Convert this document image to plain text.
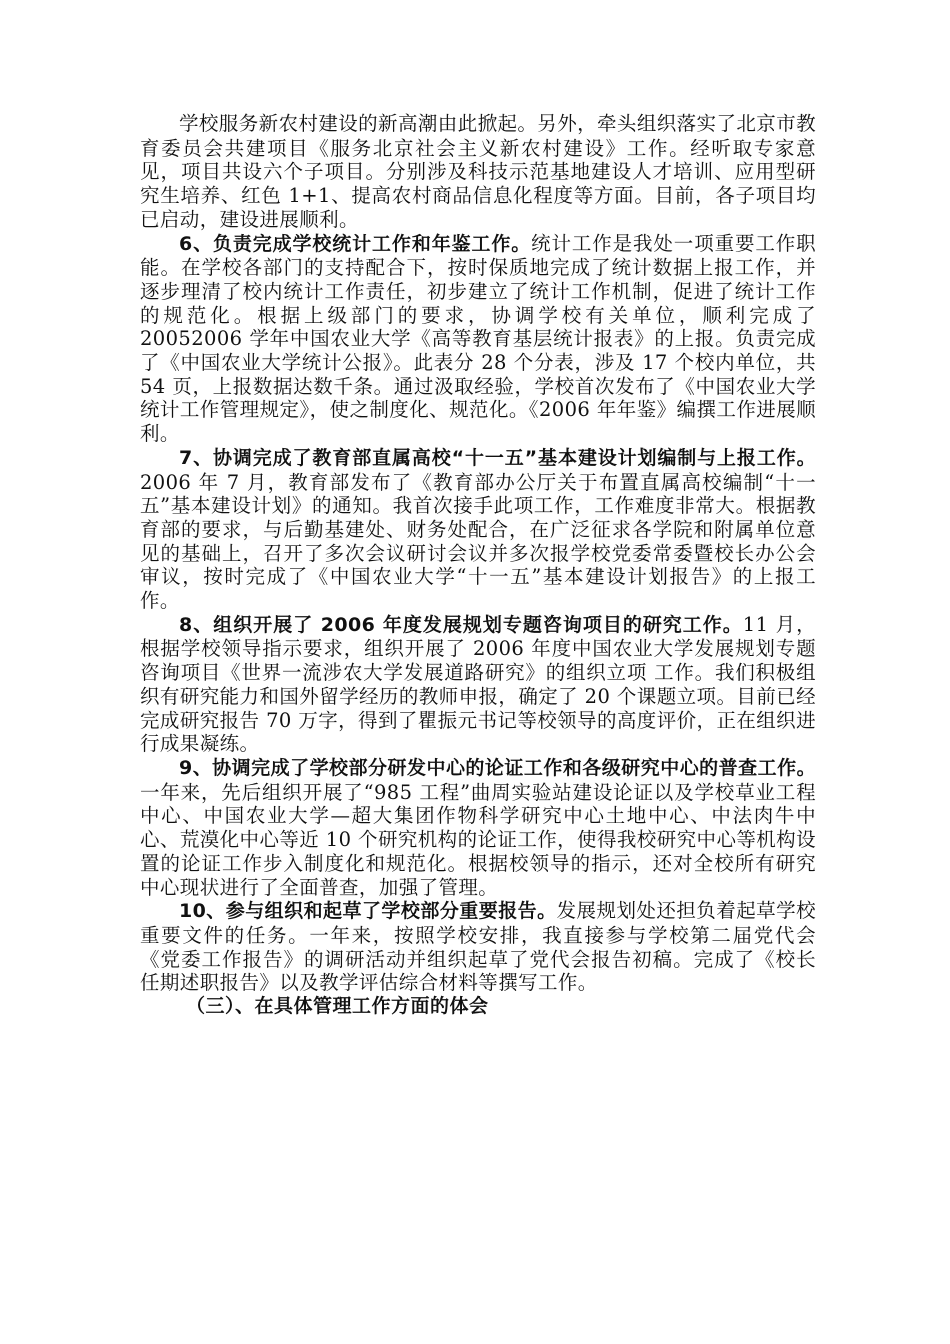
学校服务新农村建设的新高潮由此掀起。另外，牵头组织落实了北京市教育委员会共建项目《服务北京社会主义新农村建设》工作。经听取专家意见，项目共设六个子项目。分别涉及科技示范基地建设人才培训、应用型研究生培养、红色 1+1、提高农村商品信息化程度等方面。目前，各子项目均已启动，建设进展顺利。

6、负责完成学校统计工作和年鉴工作。统计工作是我处一项重要工作职能。在学校各部门的支持配合下，按时保质地完成了统计数据上报工作，并逐步理清了校内统计工作责任，初步建立了统计工作机制，促进了统计工作的规范化。根据上级部门的要求，协调学校有关单位，顺利完成了 20052006 学年中国农业大学《高等教育基层统计报表》的上报。负责完成了《中国农业大学统计公报》。此表分 28 个分表，涉及 17 个校内单位，共 54 页，上报数据达数千条。通过汲取经验，学校首次发布了《中国农业大学统计工作管理规定》，使之制度化、规范化。《2006 年年鉴》编撰工作进展顺利。

7、协调完成了教育部直属高校“十一五”基本建设计划编制与上报工作。2006 年 7 月，教育部发布了《教育部办公厅关于布置直属高校编制“十一五”基本建设计划》的通知。我首次接手此项工作，工作难度非常大。根据教育部的要求，与后勤基建处、财务处配合，在广泛征求各学院和附属单位意见的基础上，召开了多次会议研讨会议并多次报学校党委常委暨校长办公会审议，按时完成了《中国农业大学“十一五”基本建设计划报告》的上报工作。

8、组织开展了 2006 年度发展规划专题咨询项目的研究工作。11 月，根据学校领导指示要求，组织开展了 2006 年度中国农业大学发展规划专题咨询项目《世界一流涉农大学发展道路研究》的组织立项 工作。我们积极组织有研究能力和国外留学经历的教师申报，确定了 20 个课题立项。目前已经完成研究报告 70 万字，得到了瞿振元书记等校领导的高度评价，正在组织进行成果凝练。

9、协调完成了学校部分研发中心的论证工作和各级研究中心的普查工作。一年来，先后组织开展了“985 工程”曲周实验站建设论证以及学校草业工程中心、中国农业大学—超大集团作物科学研究中心土地中心、中法肉牛中心、荒漠化中心等近 10 个研究机构的论证工作，使得我校研究中心等机构设置的论证工作步入制度化和规范化。根据校领导的指示，还对全校所有研究中心现状进行了全面普查，加强了管理。

10、参与组织和起草了学校部分重要报告。发展规划处还担负着起草学校重要文件的任务。一年来，按照学校安排，我直接参与学校第二届党代会《党委工作报告》的调研活动并组织起草了党代会报告初稿。完成了《校长任期述职报告》以及教学评估综合材料等撰写工作。

（三）、在具体管理工作方面的体会
